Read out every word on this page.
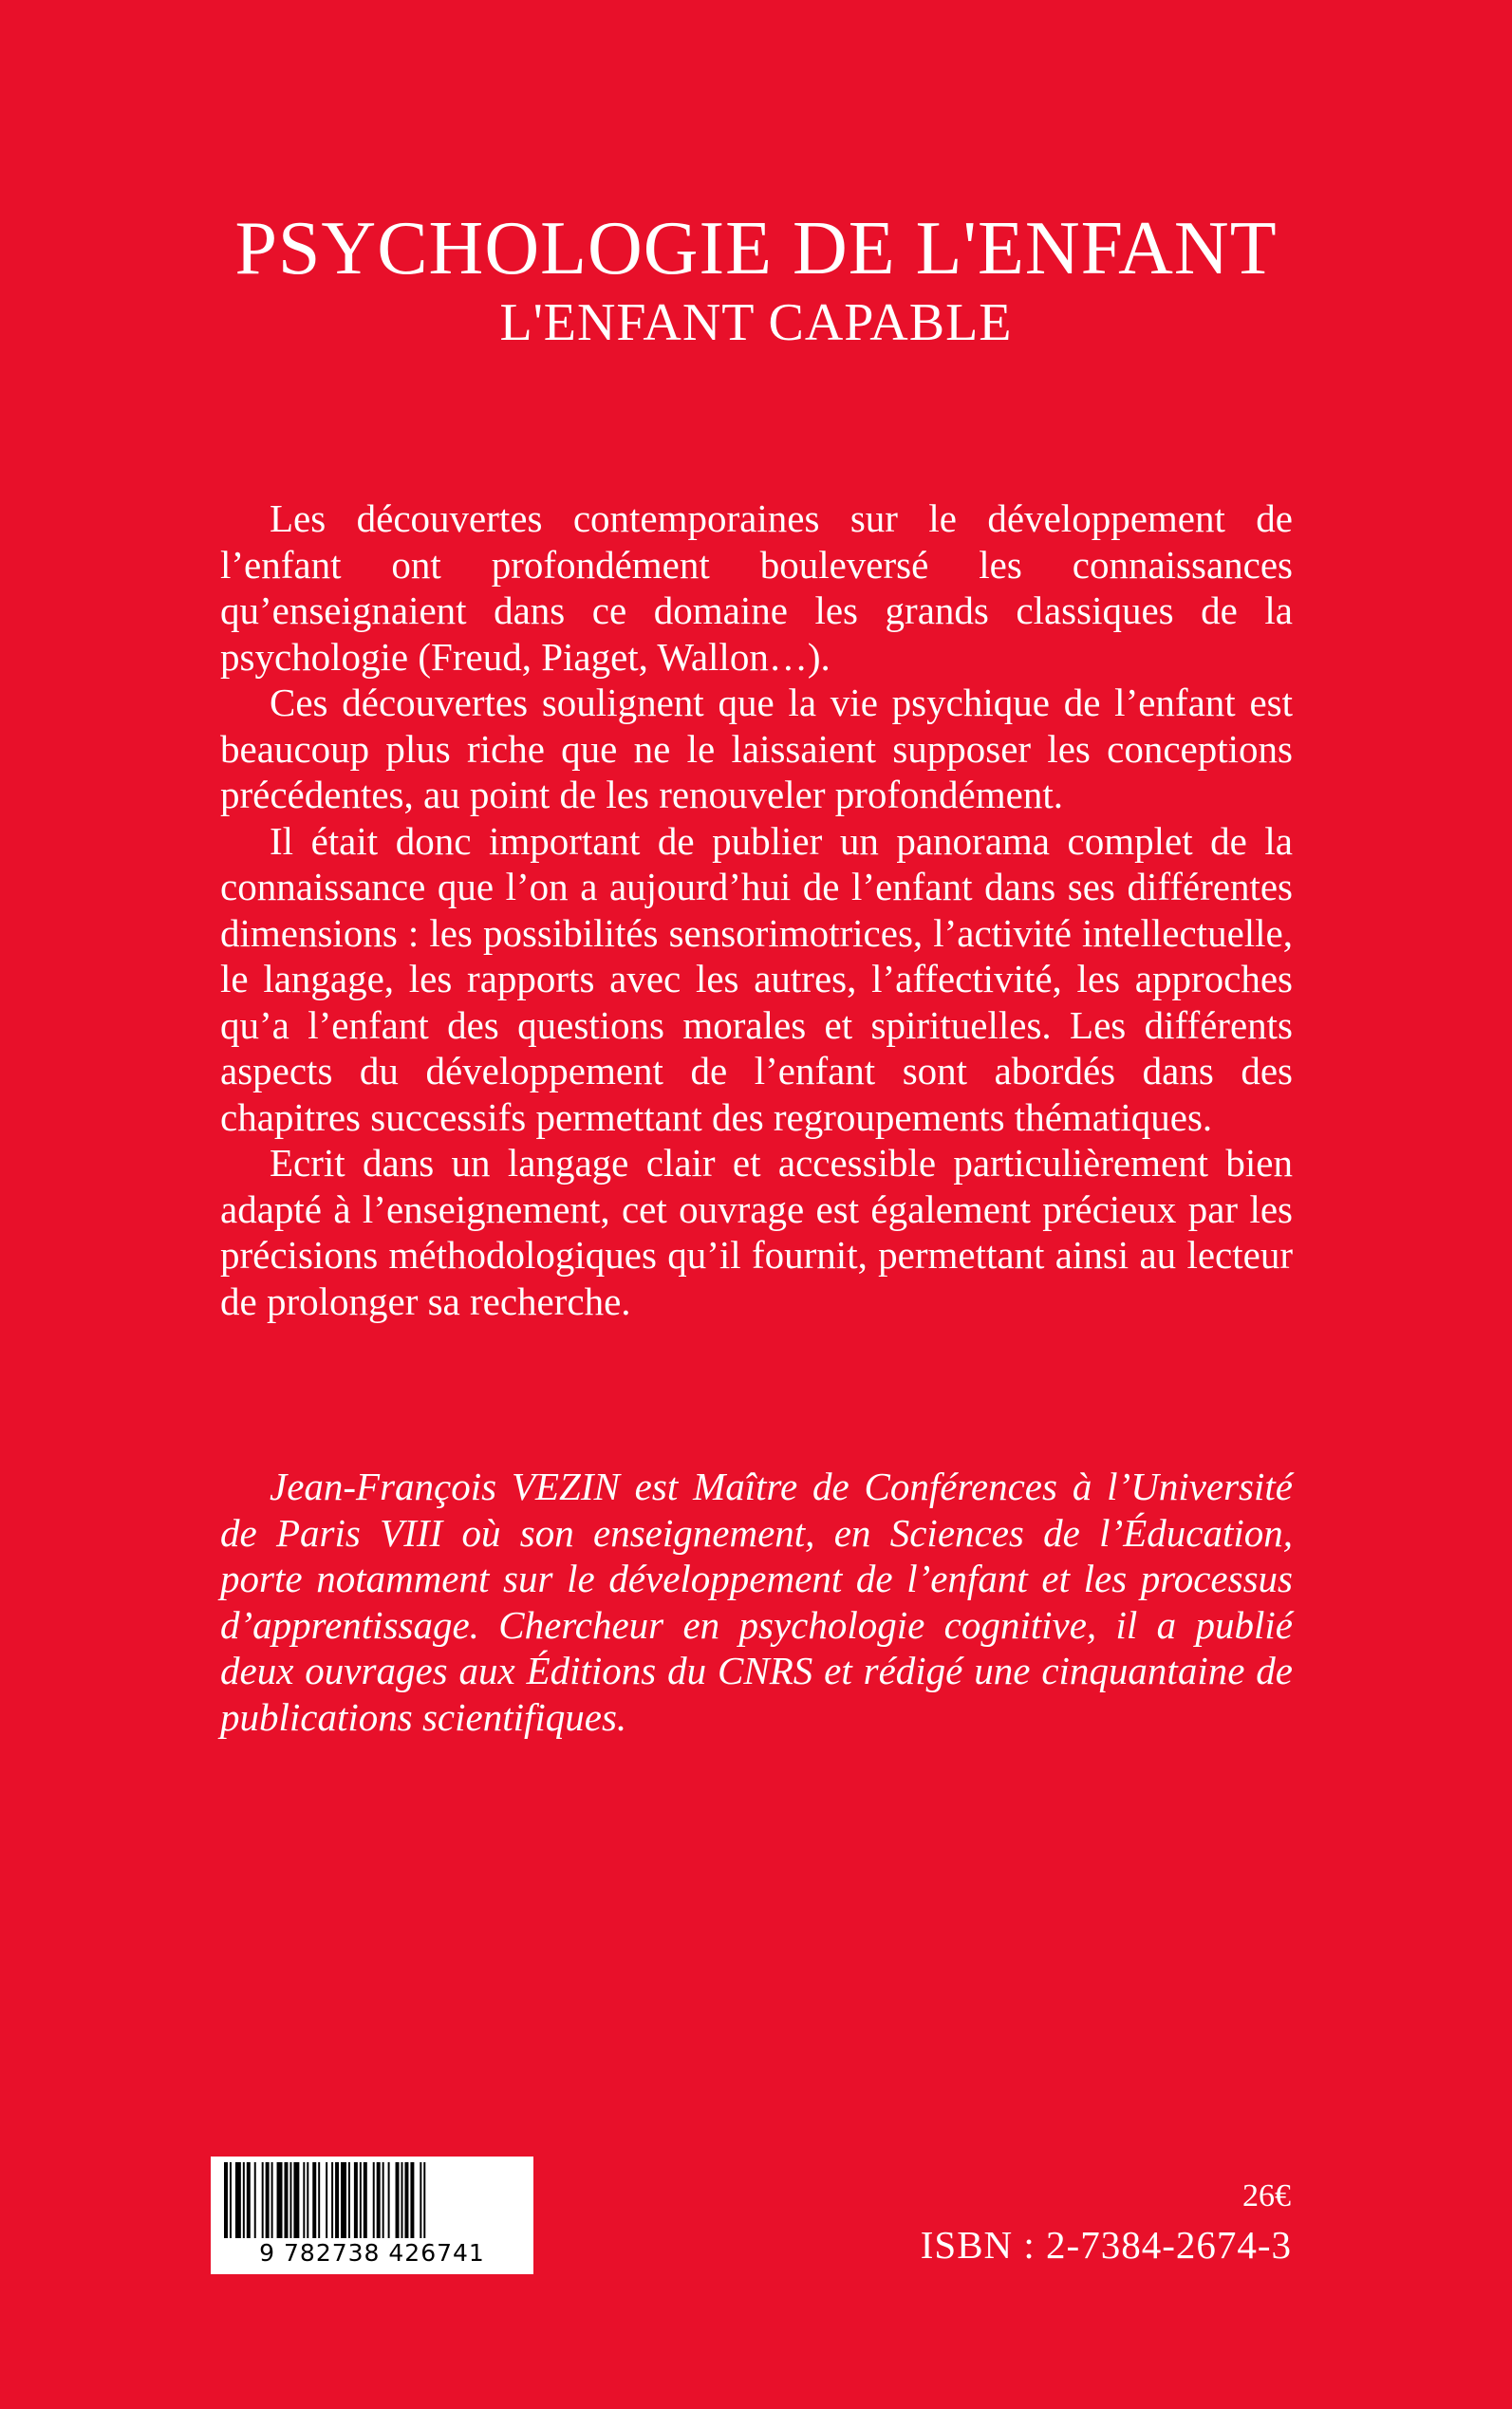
PSYCHOLOGIE DE L'ENFANT
L'ENFANT CAPABLE

Les découvertes contemporaines sur le développement de l’enfant ont profondément bouleversé les connaissances qu’enseignaient dans ce domaine les grands classiques de la psychologie (Freud, Piaget, Wallon…).

Ces découvertes soulignent que la vie psychique de l’enfant est beaucoup plus riche que ne le laissaient supposer les conceptions précédentes, au point de les renouveler profondément.

Il était donc important de publier un panorama complet de la connaissance que l’on a aujourd’hui de l’enfant dans ses différentes dimensions : les possibilités sensorimotrices, l’activité intellectuelle, le langage, les rapports avec les autres, l’affectivité, les approches qu’a l’enfant des questions morales et spirituelles. Les différents aspects du développement de l’enfant sont abordés dans des chapitres successifs permettant des regroupements thématiques.

Ecrit dans un langage clair et accessible particulièrement bien adapté à l’enseignement, cet ouvrage est également précieux par les précisions méthodologiques qu’il fournit, permettant ainsi au lecteur de prolonger sa recherche.

Jean-François VEZIN est Maître de Conférences à l’Université de Paris VIII où son enseignement, en Sciences de l’Éducation, porte notamment sur le développement de l’enfant et les processus d’apprentissage. Chercheur en psychologie cognitive, il a publié deux ouvrages aux Éditions du CNRS et rédigé une cinquantaine de publications scientifiques.

9 782738 426741
26€
ISBN : 2-7384-2674-3
